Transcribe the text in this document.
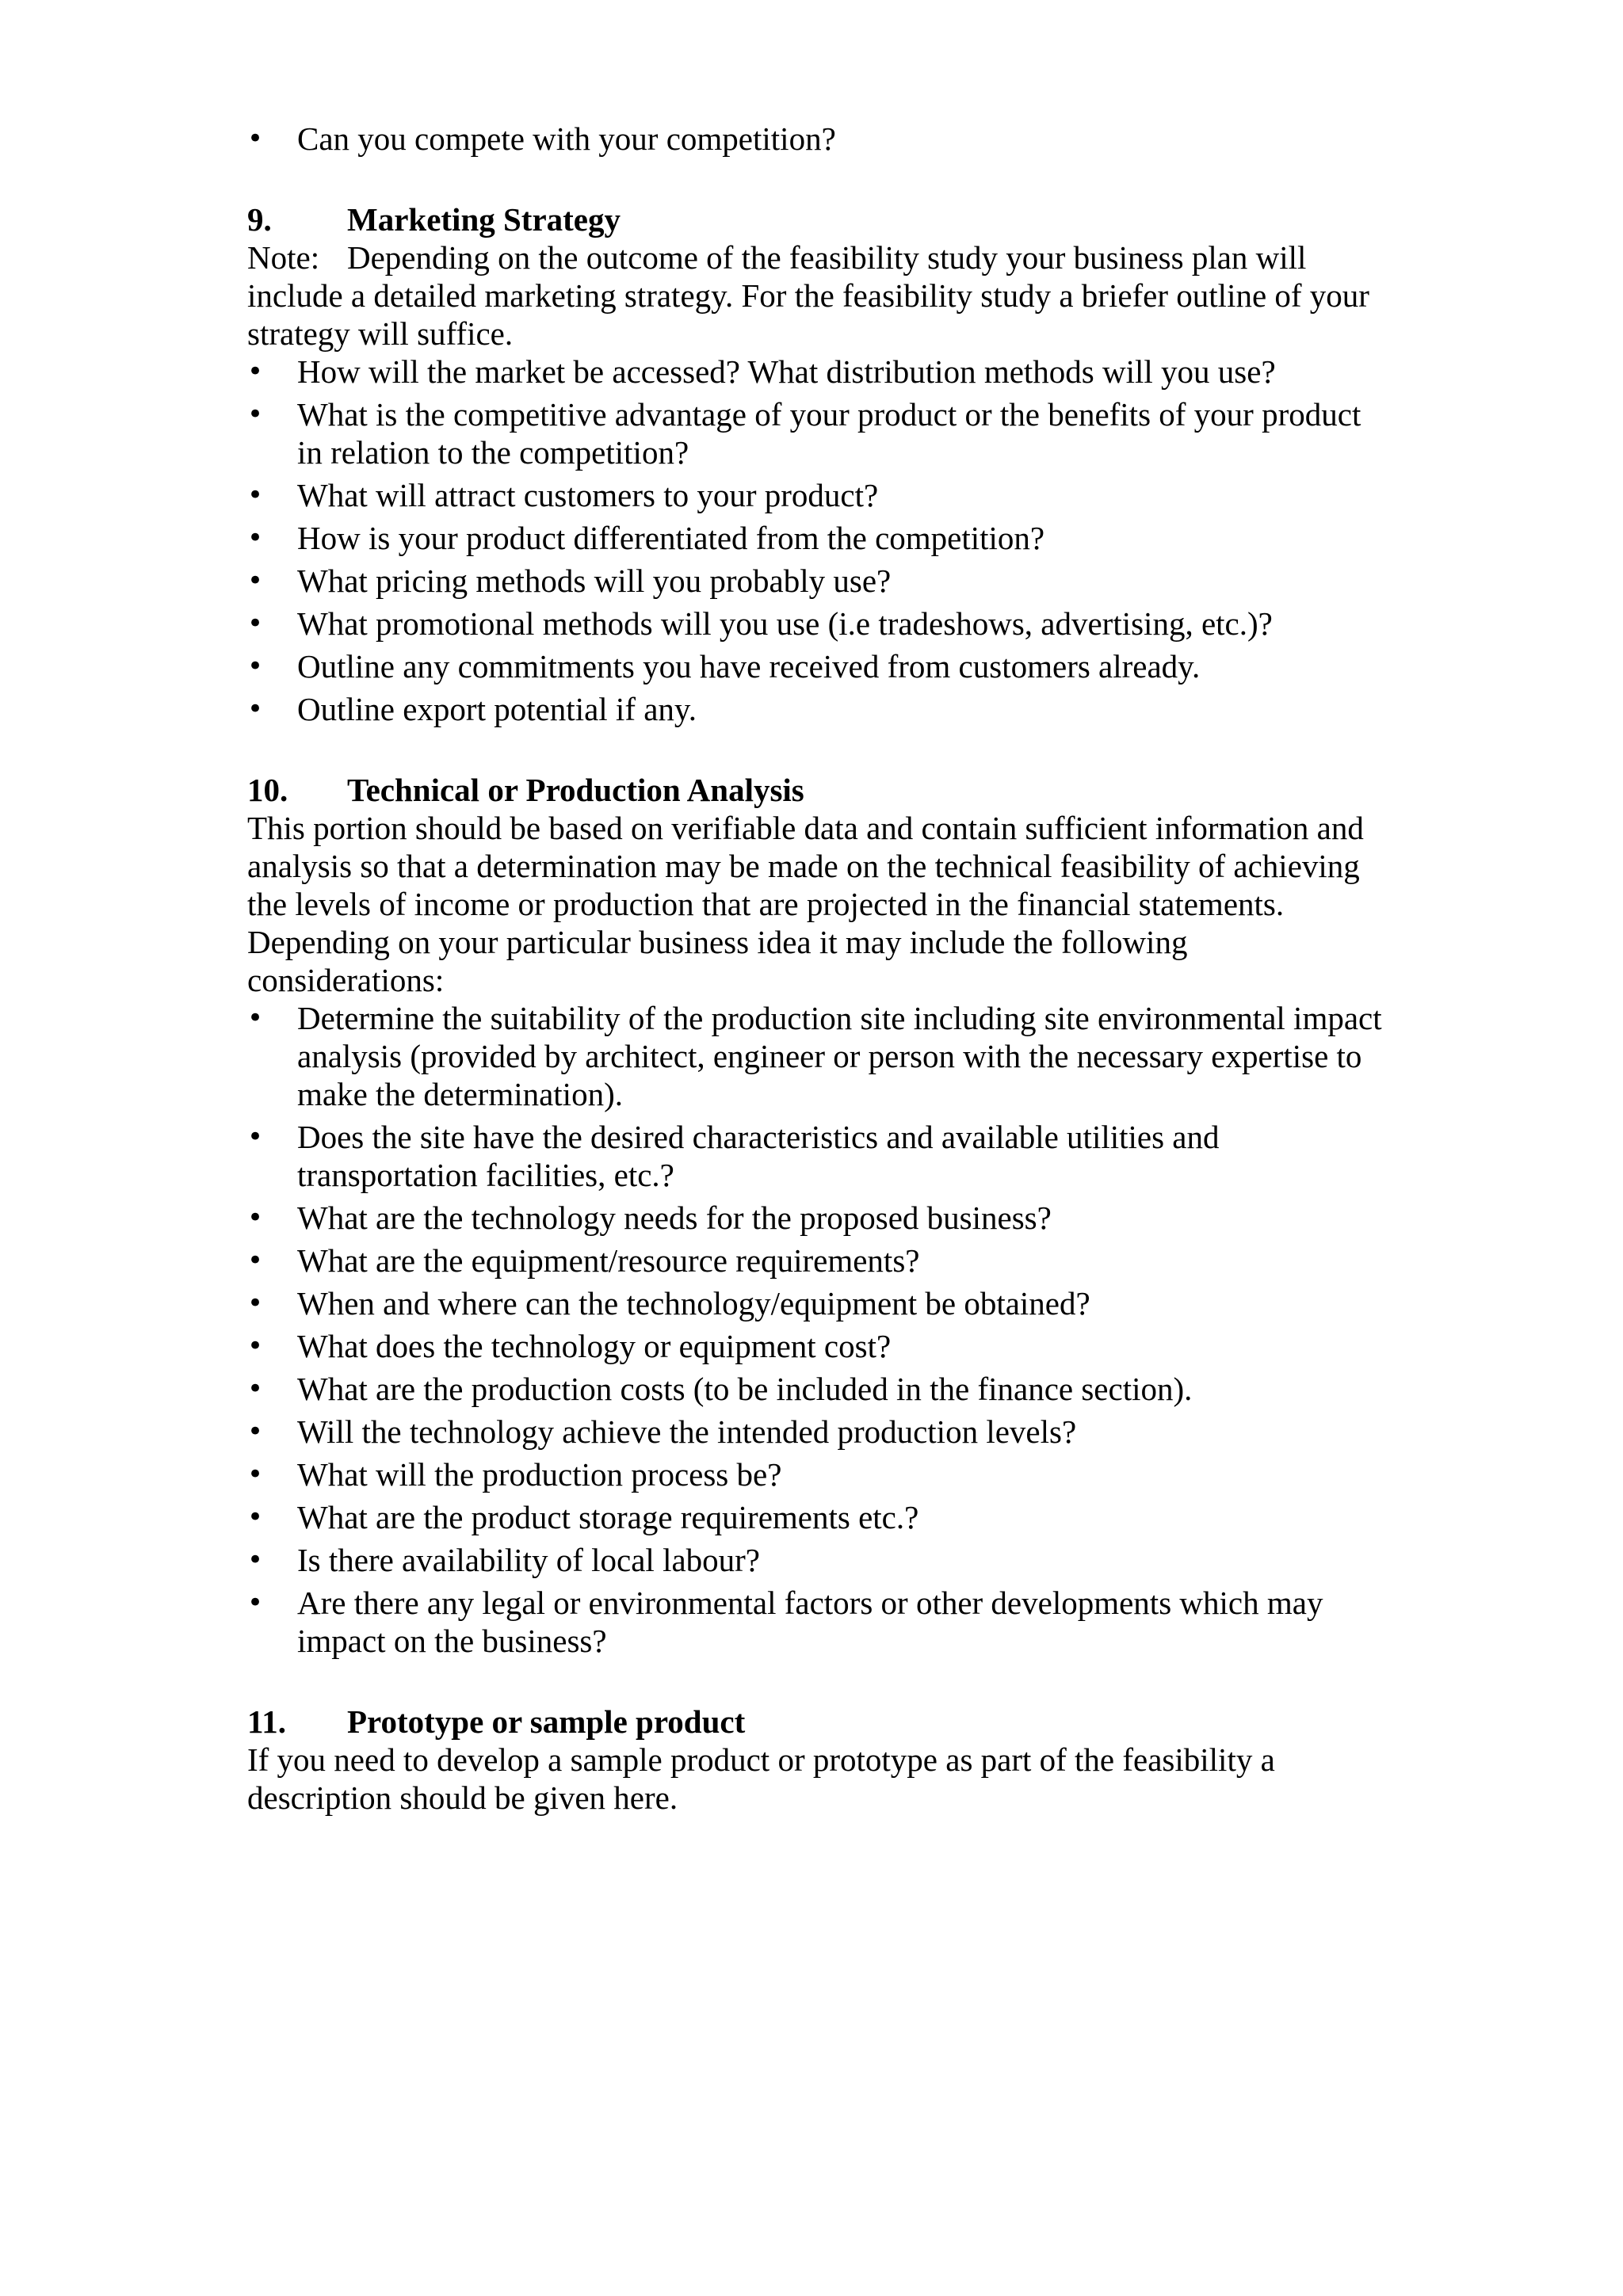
• Can you compete with your competition?

9. Marketing Strategy

Note: Depending on the outcome of the feasibility study your business plan will include a detailed marketing strategy. For the feasibility study a briefer outline of your strategy will suffice.

• How will the market be accessed? What distribution methods will you use?
• What is the competitive advantage of your product or the benefits of your product in relation to the competition?
• What will attract customers to your product?
• How is your product differentiated from the competition?
• What pricing methods will you probably use?
• What promotional methods will you use (i.e tradeshows, advertising, etc.)?
• Outline any commitments you have received from customers already.
• Outline export potential if any.

10. Technical or Production Analysis

This portion should be based on verifiable data and contain sufficient information and analysis so that a determination may be made on the technical feasibility of achieving the levels of income or production that are projected in the financial statements. Depending on your particular business idea it may include the following considerations:

• Determine the suitability of the production site including site environmental impact analysis (provided by architect, engineer or person with the necessary expertise to make the determination).
• Does the site have the desired characteristics and available utilities and transportation facilities, etc.?
• What are the technology needs for the proposed business?
• What are the equipment/resource requirements?
• When and where can the technology/equipment be obtained?
• What does the technology or equipment cost?
• What are the production costs (to be included in the finance section).
• Will the technology achieve the intended production levels?
• What will the production process be?
• What are the product storage requirements etc.?
• Is there availability of local labour?
• Are there any legal or environmental factors or other developments which may impact on the business?

11. Prototype or sample product

If you need to develop a sample product or prototype as part of the feasibility a description should be given here.
